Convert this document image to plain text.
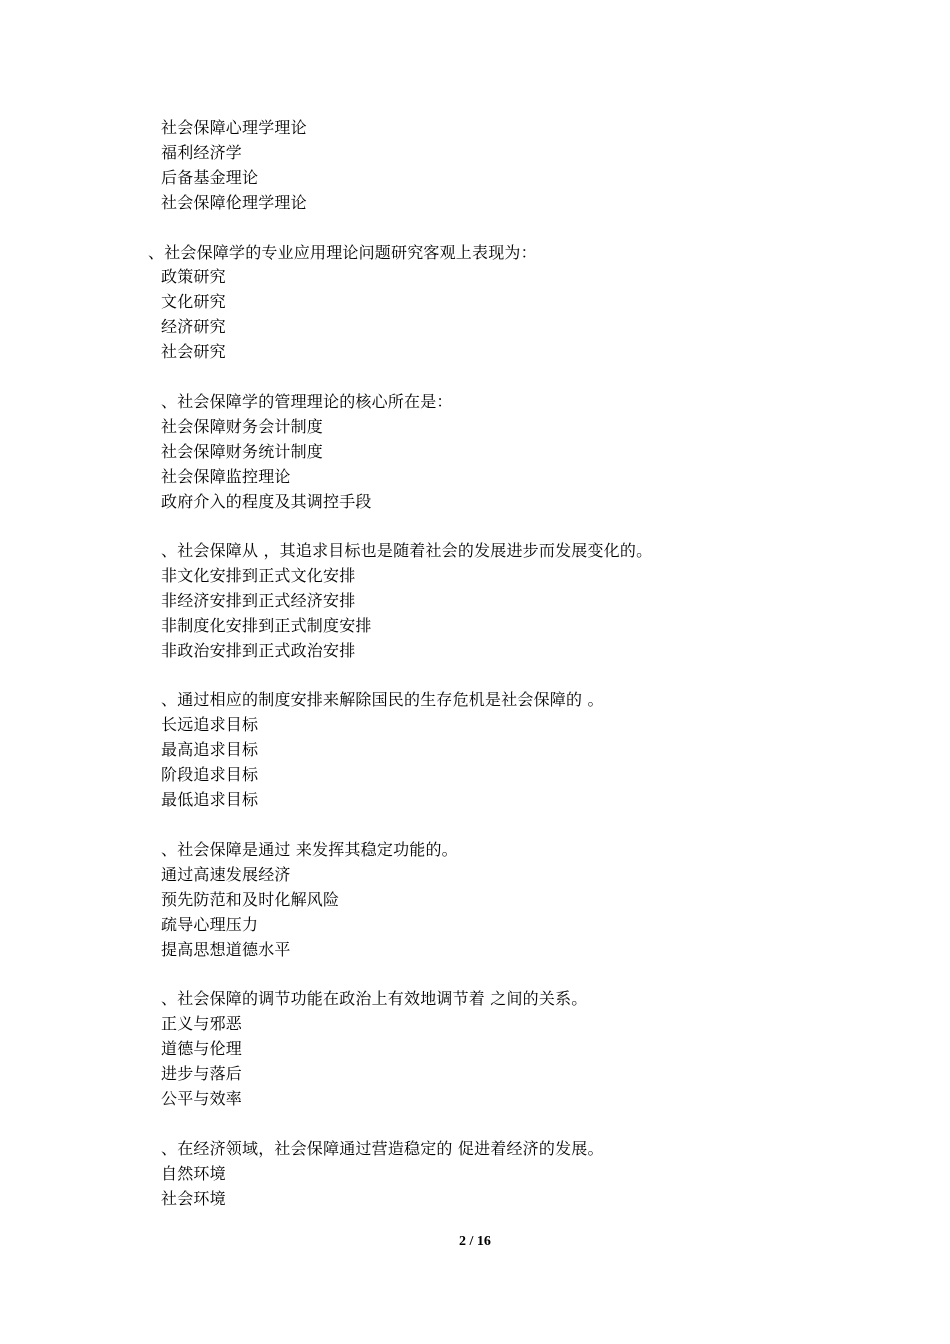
社会保障心理学理论
福利经济学
后备基金理论
社会保障伦理学理论
、社会保障学的专业应用理论问题研究客观上表现为：
政策研究
文化研究
经济研究
社会研究
、社会保障学的管理理论的核心所在是：
社会保障财务会计制度
社会保障财务统计制度
社会保障监控理论
政府介入的程度及其调控手段
、社会保障从 ，其追求目标也是随着社会的发展进步而发展变化的。
非文化安排到正式文化安排
非经济安排到正式经济安排
非制度化安排到正式制度安排
非政治安排到正式政治安排
、通过相应的制度安排来解除国民的生存危机是社会保障的 。
长远追求目标
最高追求目标
阶段追求目标
最低追求目标
、社会保障是通过 来发挥其稳定功能的。
通过高速发展经济
预先防范和及时化解风险
疏导心理压力
提高思想道德水平
、社会保障的调节功能在政治上有效地调节着 之间的关系。
正义与邪恶
道德与伦理
进步与落后
公平与效率
、在经济领域，社会保障通过营造稳定的 促进着经济的发展。
自然环境
社会环境
2 / 16
